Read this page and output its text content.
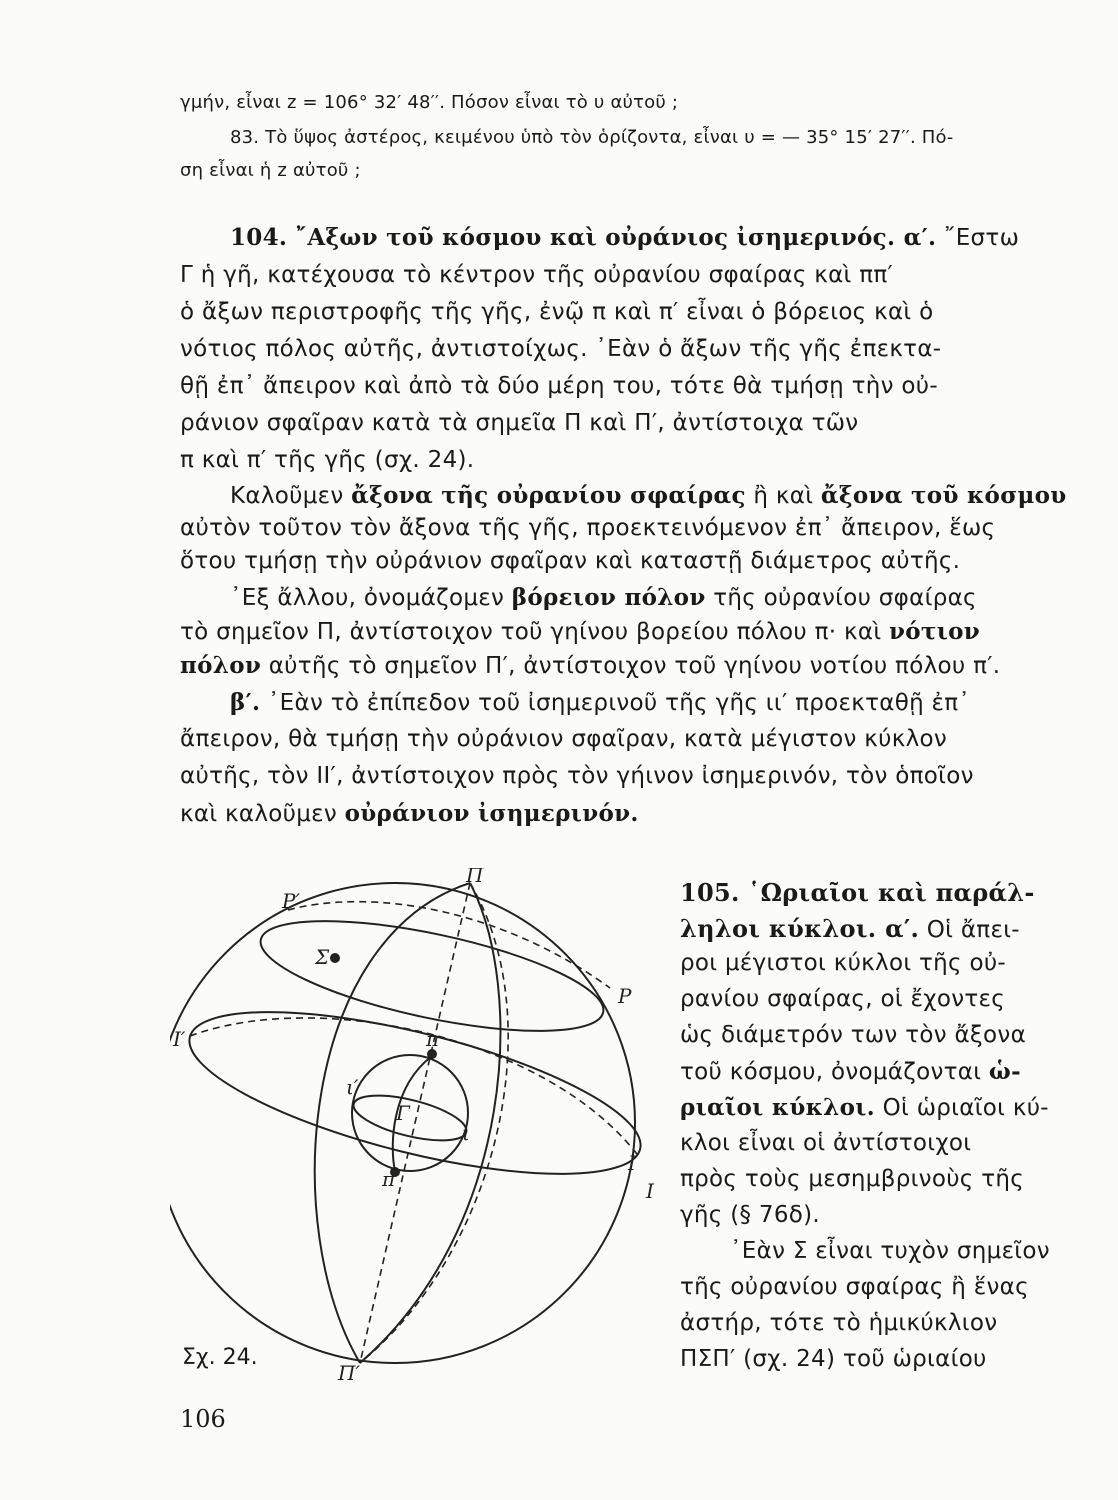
γμήν, εἶναι z = 106° 32′ 48′′. Πόσον εἶναι τὸ υ αὐτοῦ ;

83. Τὸ ὕψος ἀστέρος, κειμένου ὑπὸ τὸν ὁρίζοντα, εἶναι υ = — 35° 15′ 27′′. Πό-

ση εἶναι ἡ z αὐτοῦ ;

104. ῎Αξων τοῦ κόσμου καὶ οὐράνιος ἰσημερινός. α′. ῎Εστω

Γ ἡ γῆ, κατέχουσα τὸ κέντρον τῆς οὐρανίου σφαίρας καὶ ππ′

ὁ ἄξων περιστροφῆς τῆς γῆς, ἐνῷ π καὶ π′ εἶναι ὁ βόρειος καὶ ὁ

νότιος πόλος αὐτῆς, ἀντιστοίχως. ᾿Εὰν ὁ ἄξων τῆς γῆς ἐπεκτα-

θῇ ἐπ᾿ ἄπειρον καὶ ἀπὸ τὰ δύο μέρη του, τότε θὰ τμήσῃ τὴν οὐ-

ράνιον σφαῖραν κατὰ τὰ σημεῖα Π καὶ Π′, ἀντίστοιχα τῶν

π καὶ π′ τῆς γῆς (σχ. 24).

Καλοῦμεν ἄξονα τῆς οὐρανίου σφαίρας ἢ καὶ ἄξονα τοῦ κόσμου

αὐτὸν τοῦτον τὸν ἄξονα τῆς γῆς, προεκτεινόμενον ἐπ᾿ ἄπειρον, ἕως

ὅτου τμήσῃ τὴν οὐράνιον σφαῖραν καὶ καταστῇ διάμετρος αὐτῆς.

᾿Εξ ἄλλου, ὀνομάζομεν βόρειον πόλον τῆς οὐρανίου σφαίρας

τὸ σημεῖον Π, ἀντίστοιχον τοῦ γηίνου βορείου πόλου π· καὶ νότιον

πόλον αὐτῆς τὸ σημεῖον Π′, ἀντίστοιχον τοῦ γηίνου νοτίου πόλου π′.

β′. ᾿Εὰν τὸ ἐπίπεδον τοῦ ἰσημερινοῦ τῆς γῆς ιι′ προεκταθῇ ἐπ᾿

ἄπειρον, θὰ τμήσῃ τὴν οὐράνιον σφαῖραν, κατὰ μέγιστον κύκλον

αὐτῆς, τὸν ΙΙ′, ἀντίστοιχον πρὸς τὸν γήινον ἰσημερινόν, τὸν ὁποῖον

καὶ καλοῦμεν οὐράνιον ἰσημερινόν.

Π
Π′
Ρ
Ρ′
Σ
Ι′
Ι
Ι
π
π′
Γ
ι
ι′
Σχ. 24.
105. ῾Ωριαῖοι καὶ παράλ-
ληλοι κύκλοι. α′. Οἱ ἄπει-
ροι μέγιστοι κύκλοι τῆς οὐ-
ρανίου σφαίρας, οἱ ἔχοντες
ὡς διάμετρόν των τὸν ἄξονα
τοῦ κόσμου, ὀνομάζονται ὡ-
ριαῖοι κύκλοι. Οἱ ὡριαῖοι κύ-
κλοι εἶναι οἱ ἀντίστοιχοι
πρὸς τοὺς μεσημβρινοὺς τῆς
γῆς (§ 76δ).
᾿Εὰν Σ εἶναι τυχὸν σημεῖον
τῆς οὐρανίου σφαίρας ἢ ἕνας
ἀστήρ, τότε τὸ ἡμικύκλιον
ΠΣΠ′ (σχ. 24) τοῦ ὡριαίου
106
